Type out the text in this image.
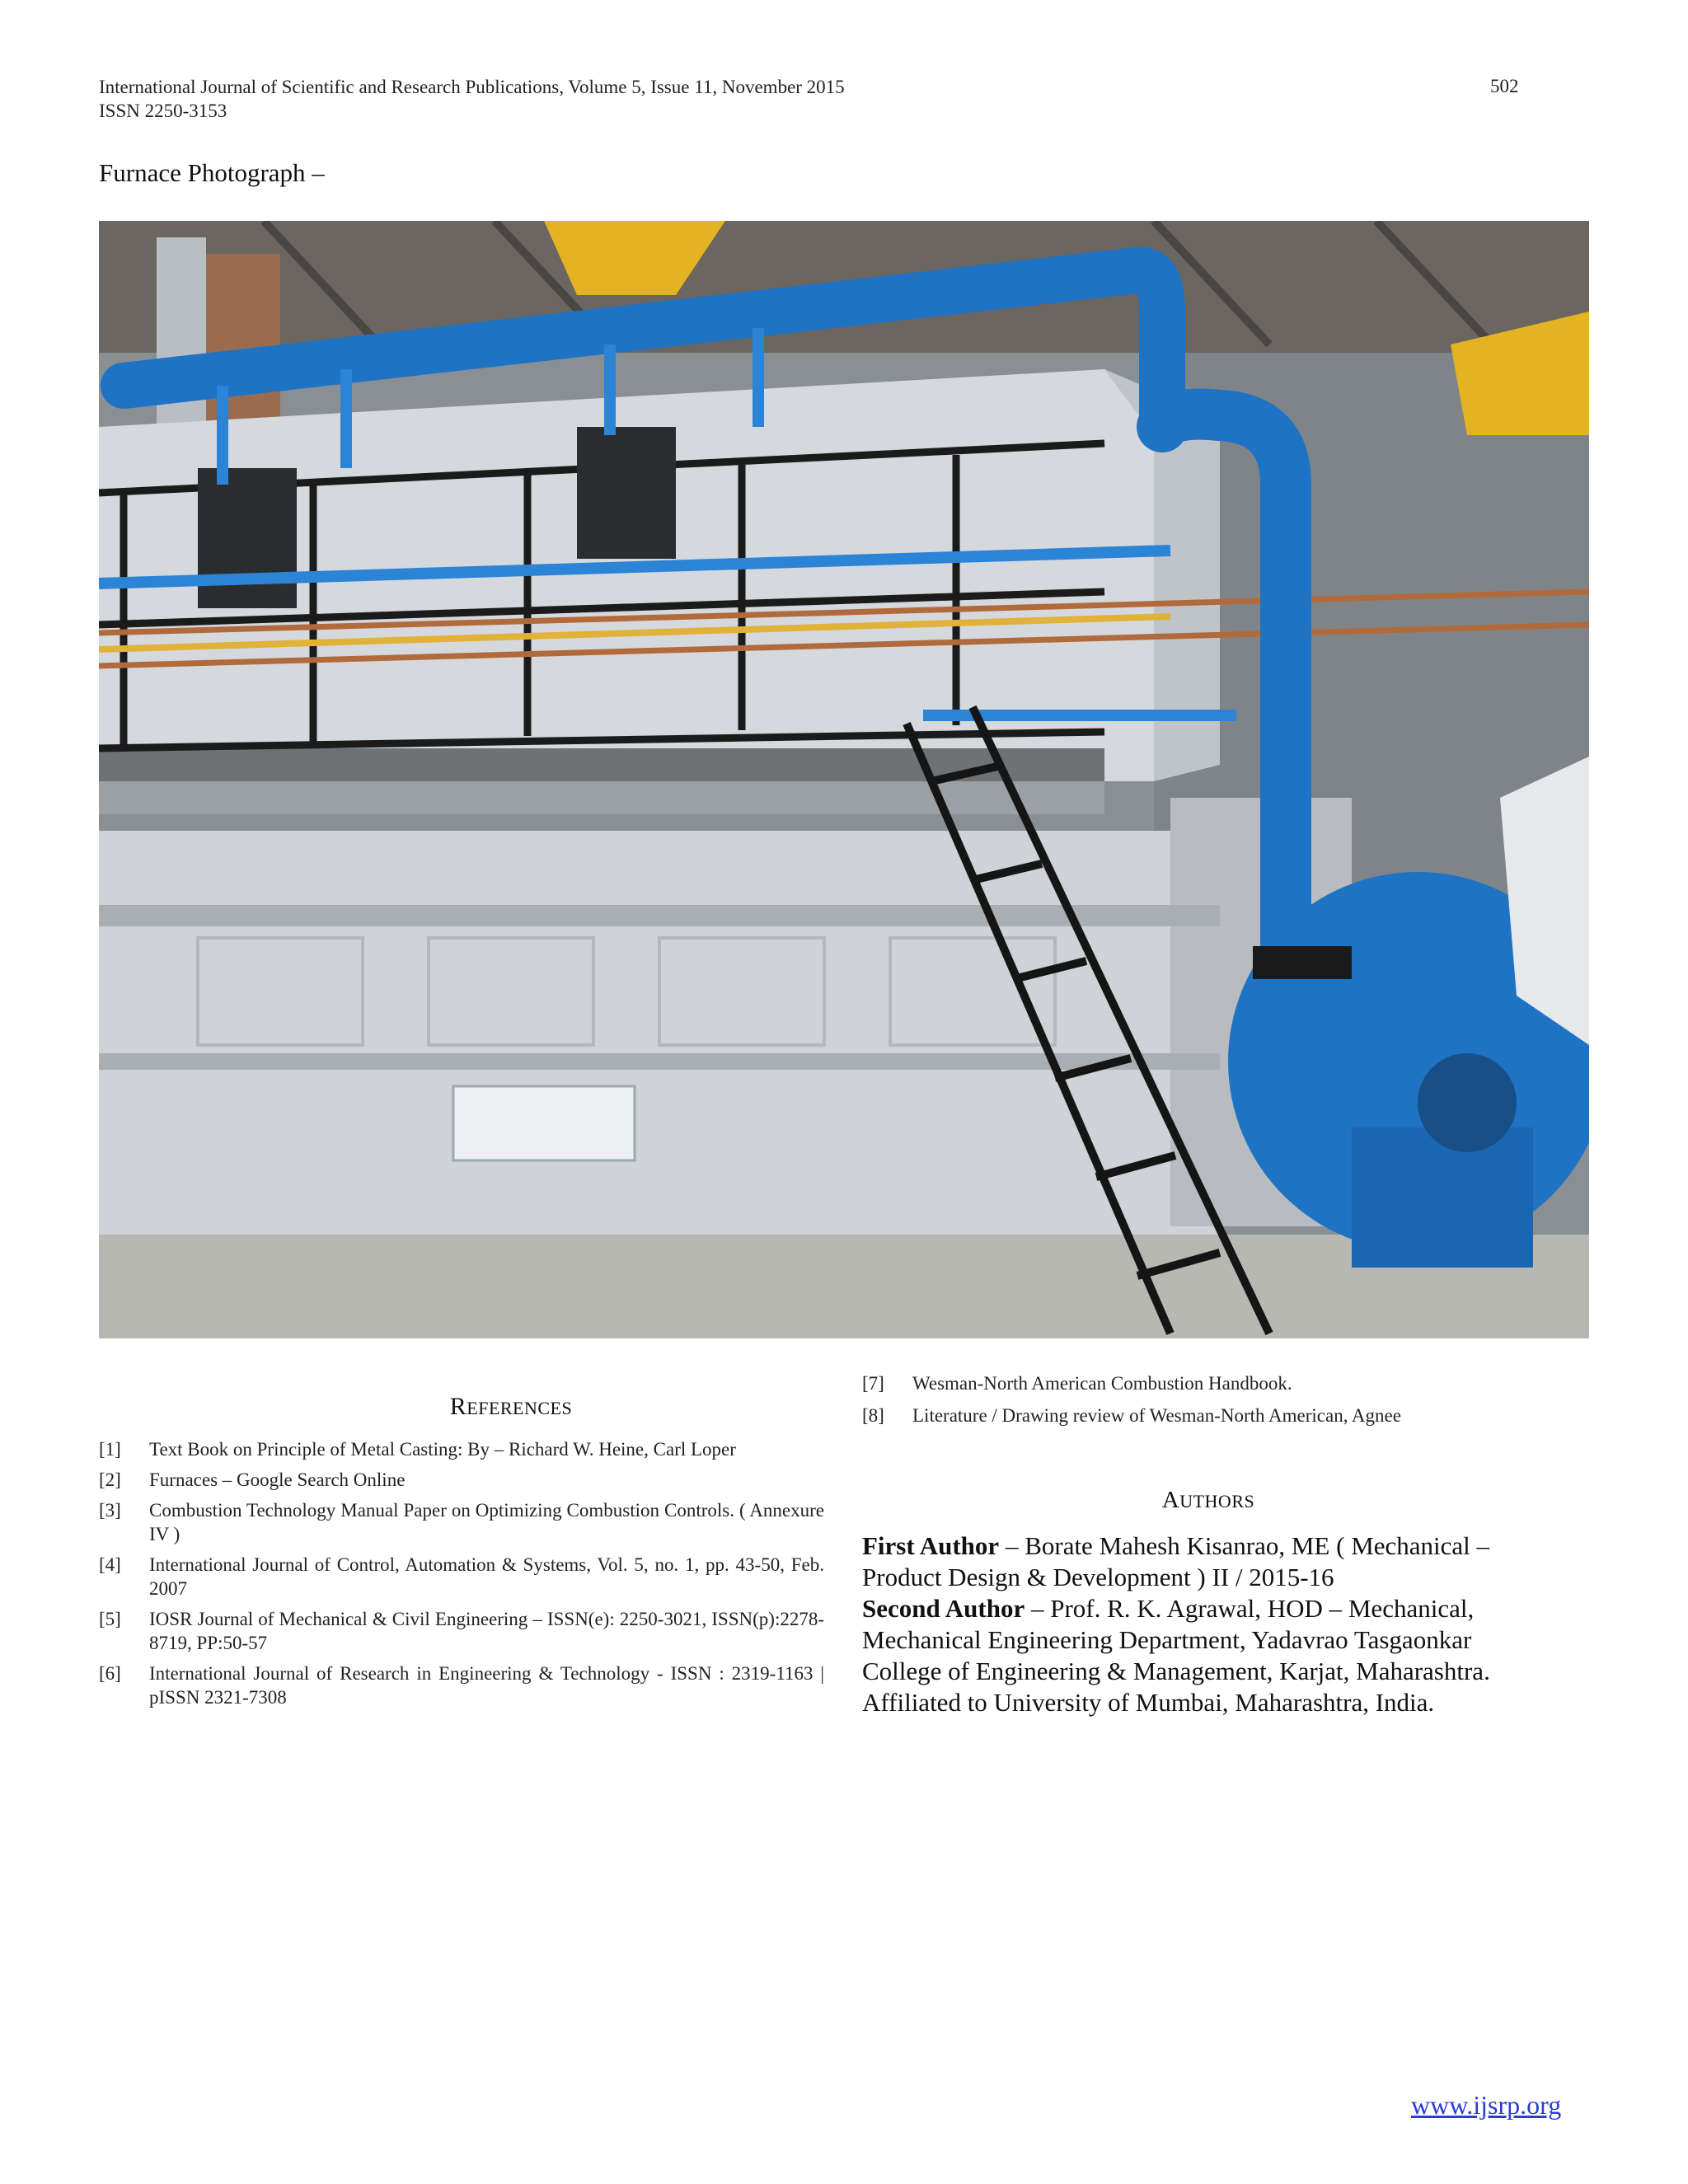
International Journal of Scientific and Research Publications, Volume 5, Issue 11, November 2015
ISSN 2250-3153
502
Furnace Photograph –
REFERENCES
[1]	Text Book on Principle of Metal Casting: By – Richard W. Heine, Carl Loper
[2]	Furnaces – Google Search Online
[3]	Combustion Technology Manual Paper on Optimizing Combustion Controls. ( Annexure IV )
[4]	International Journal of Control, Automation & Systems, Vol. 5, no. 1, pp. 43-50, Feb. 2007
[5]	IOSR Journal of Mechanical & Civil Engineering – ISSN(e): 2250-3021, ISSN(p):2278-8719, PP:50-57
[6]	International Journal of Research in Engineering & Technology - ISSN : 2319-1163 | pISSN 2321-7308
[7]	Wesman-North American Combustion Handbook.
[8]	Literature / Drawing review of Wesman-North American, Agnee
AUTHORS
First Author – Borate Mahesh Kisanrao, ME ( Mechanical – Product Design & Development ) II / 2015-16
Second Author – Prof. R. K. Agrawal, HOD – Mechanical, Mechanical Engineering Department, Yadavrao Tasgaonkar College of Engineering & Management, Karjat, Maharashtra. Affiliated to University of Mumbai, Maharashtra, India.
www.ijsrp.org
